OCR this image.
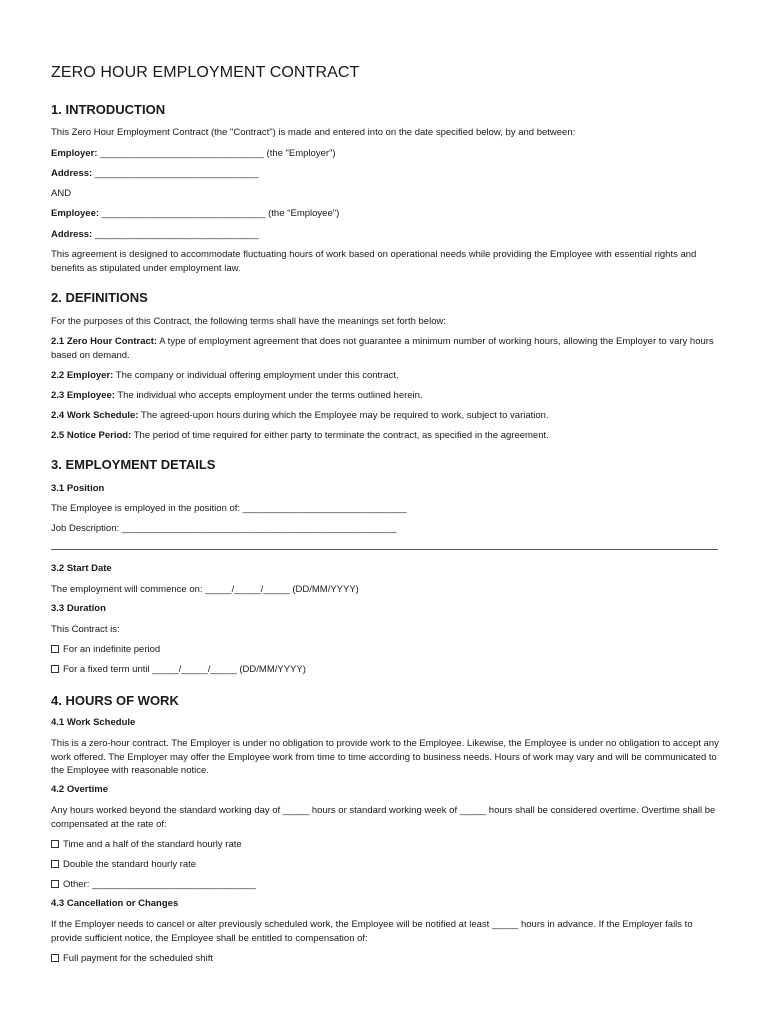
ZERO HOUR EMPLOYMENT CONTRACT
1. INTRODUCTION

This Zero Hour Employment Contract (the "Contract") is made and entered into on the date specified below, by and between:

Employer: _______________________________ (the "Employer")

Address: _______________________________

AND

Employee: _______________________________ (the "Employee")

Address: _______________________________

This agreement is designed to accommodate fluctuating hours of work based on operational needs while providing the Employee with essential rights and benefits as stipulated under employment law.

2. DEFINITIONS

For the purposes of this Contract, the following terms shall have the meanings set forth below:

2.1 Zero Hour Contract: A type of employment agreement that does not guarantee a minimum number of working hours, allowing the Employer to vary hours based on demand.

2.2 Employer: The company or individual offering employment under this contract.

2.3 Employee: The individual who accepts employment under the terms outlined herein.

2.4 Work Schedule: The agreed-upon hours during which the Employee may be required to work, subject to variation.

2.5 Notice Period: The period of time required for either party to terminate the contract, as specified in the agreement.

3. EMPLOYMENT DETAILS
3.1 Position

The Employee is employed in the position of: _______________________________

Job Description: ____________________________________________________

3.2 Start Date

The employment will commence on: _____/_____/_____ (DD/MM/YYYY)

3.3 Duration

This Contract is:

For an indefinite period

For a fixed term until _____/_____/_____ (DD/MM/YYYY)

4. HOURS OF WORK
4.1 Work Schedule

This is a zero-hour contract. The Employer is under no obligation to provide work to the Employee. Likewise, the Employee is under no obligation to accept any work offered. The Employer may offer the Employee work from time to time according to business needs. Hours of work may vary and will be communicated to the Employee with reasonable notice.

4.2 Overtime

Any hours worked beyond the standard working day of _____ hours or standard working week of _____ hours shall be considered overtime. Overtime shall be compensated at the rate of:

Time and a half of the standard hourly rate

Double the standard hourly rate

Other: _______________________________

4.3 Cancellation or Changes

If the Employer needs to cancel or alter previously scheduled work, the Employee will be notified at least _____ hours in advance. If the Employer fails to provide sufficient notice, the Employee shall be entitled to compensation of:

Full payment for the scheduled shift
